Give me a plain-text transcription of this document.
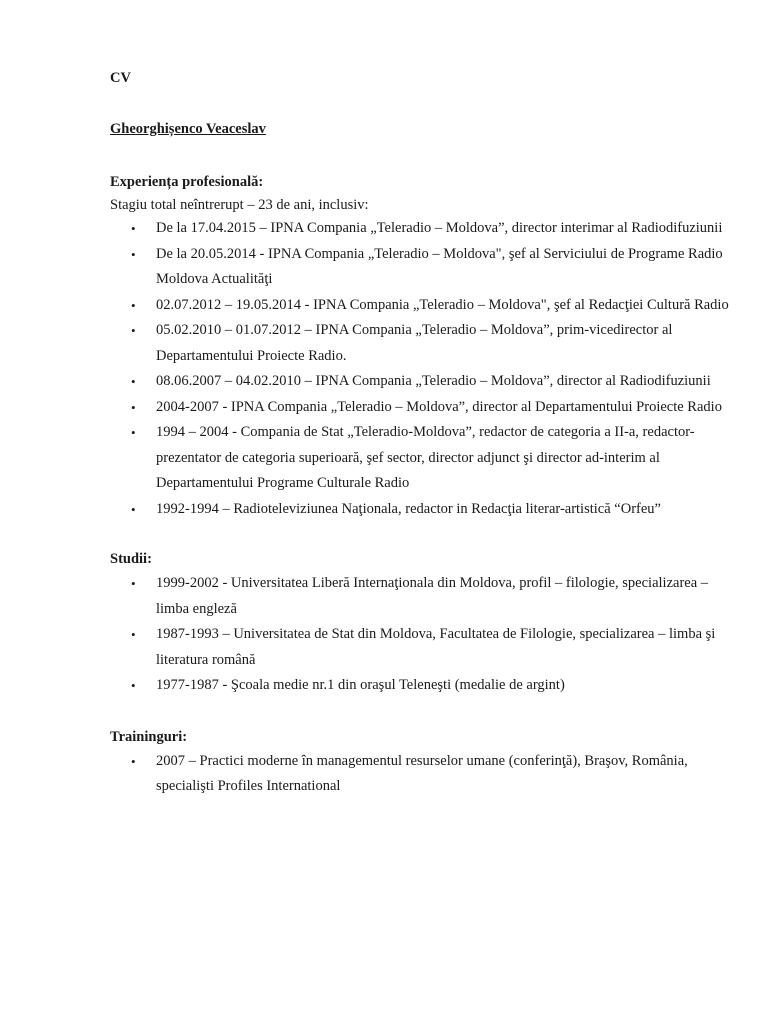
CV

Gheorghișenco Veaceslav

Experiența profesională:

Stagiu total neîntrerupt – 23 de ani, inclusiv:

• De la 17.04.2015 – IPNA Compania „Teleradio – Moldova”, director interimar al Radiodifuziunii
• De la 20.05.2014 - IPNA Compania „Teleradio – Moldova", şef al Serviciului de Programe Radio Moldova Actualităţi
• 02.07.2012 – 19.05.2014 - IPNA Compania „Teleradio – Moldova", şef al Redacţiei Cultură Radio
• 05.02.2010 – 01.07.2012 – IPNA Compania „Teleradio – Moldova”, prim-vicedirector al Departamentului Proiecte Radio.
• 08.06.2007 – 04.02.2010 – IPNA Compania „Teleradio – Moldova”, director al Radiodifuziunii
• 2004-2007 - IPNA Compania „Teleradio – Moldova”, director al Departamentului Proiecte Radio
• 1994 – 2004 - Compania de Stat „Teleradio-Moldova”, redactor de categoria a II-a, redactor-prezentator de categoria superioară, şef sector, director adjunct şi director ad-interim al Departamentului Programe Culturale Radio
• 1992-1994 – Radioteleviziunea Naţionala, redactor in Redacţia literar-artistică “Orfeu”

Studii:

• 1999-2002 - Universitatea Liberă Internaţionala din Moldova, profil – filologie, specializarea – limba engleză
• 1987-1993 – Universitatea de Stat din Moldova, Facultatea de Filologie, specializarea – limba şi literatura română
• 1977-1987 - Şcoala medie nr.1 din oraşul Teleneşti (medalie de argint)

Traininguri:

• 2007 – Practici moderne în managementul resurselor umane (conferinţă), Braşov, România, specialişti Profiles International
